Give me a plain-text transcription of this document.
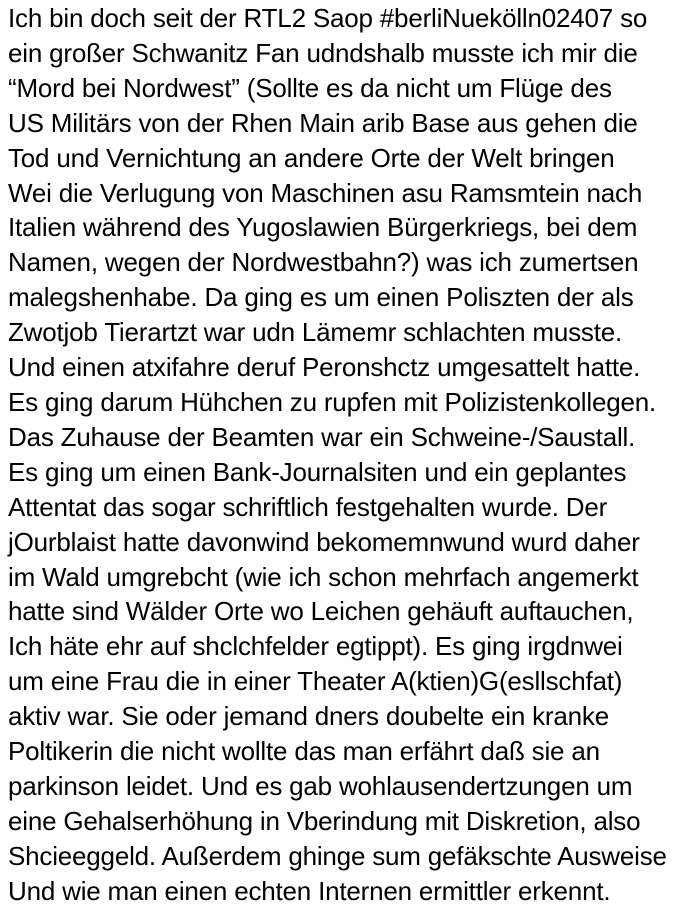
Ich bin doch seit der RTL2 Saop #berliNuekölln02407 so
ein großer Schwanitz Fan udndshalb musste ich mir die
“Mord bei Nordwest” (Sollte es da nicht um Flüge des
US Militärs von der Rhen Main arib Base aus gehen die
Tod und Vernichtung an andere Orte der Welt bringen
Wei die Verlugung von Maschinen asu Ramsmtein nach
Italien während des Yugoslawien Bürgerkriegs, bei dem
Namen, wegen der Nordwestbahn?) was ich zumertsen
malegshenhabe. Da ging es um einen Poliszten der als
Zwotjob Tierartzt war udn Lämemr schlachten musste.
Und einen atxifahre deruf Peronshctz umgesattelt hatte.
Es ging darum Hühchen zu rupfen mit Polizistenkollegen.
Das Zuhause der Beamten war ein Schweine-/Saustall.
Es ging um einen Bank-Journalsiten und ein geplantes
Attentat das sogar schriftlich festgehalten wurde. Der
jOurblaist hatte davonwind bekomemnwund wurd daher
im Wald umgrebcht (wie ich schon mehrfach angemerkt
hatte sind Wälder Orte wo Leichen gehäuft auftauchen,
Ich häte ehr auf shclchfelder egtippt). Es ging irgdnwei
um eine Frau die in einer Theater A(ktien)G(esllschfat)
aktiv war. Sie oder jemand dners doubelte ein kranke
Poltikerin die nicht wollte das man erfährt daß sie an
parkinson leidet. Und es gab wohlausendertzungen um
eine Gehalserhöhung in Vberindung mit Diskretion, also
Shcieeggeld. Außerdem ghinge sum gefäkschte Ausweise
Und wie man einen echten Internen ermittler erkennt.
